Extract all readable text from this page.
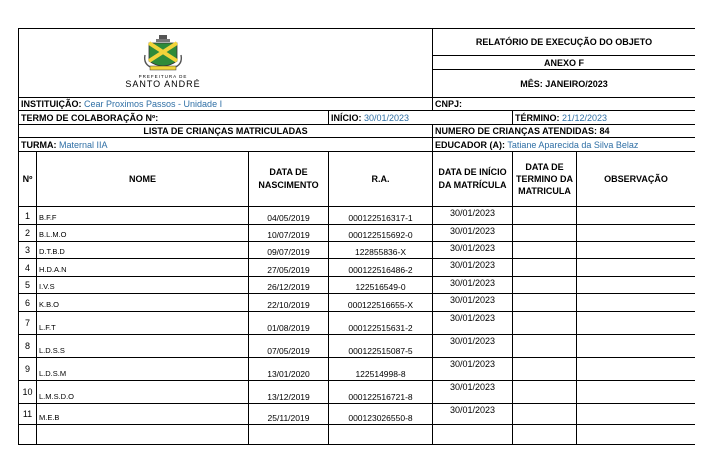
PREFEITURA DE
SANTO ANDRÉ				RELATÓRIO DE EXECUÇÃO DO OBJETO		
				ANEXO F		
				MÊS: JANEIRO/2023		
INSTITUIÇÃO: Cear Proximos Passos - Unidade I				CNPJ:		
TERMO DE COLABORAÇÃO Nº:			INÍCIO: 30/01/2023		TÉRMINO: 21/12/2023	
LISTA DE CRIANÇAS MATRICULADAS				NUMERO DE CRIANÇAS ATENDIDAS: 84		
TURMA: Maternal IIA				EDUCADOR (A): Tatiane Aparecida da Silva Belaz		
Nº	NOME	DATA DE NASCIMENTO	R.A.	DATA DE INÍCIO DA MATRÍCULA	DATA DE TERMINO DA MATRICULA	OBSERVAÇÃO
1	B.F.F	04/05/2019	000122516317-1	30/01/2023		
2	B.L.M.O	10/07/2019	000122515692-0	30/01/2023		
3	D.T.B.D	09/07/2019	122855836-X	30/01/2023		
4	H.D.A.N	27/05/2019	000122516486-2	30/01/2023		
5	I.V.S	26/12/2019	122516549-0	30/01/2023		
6	K.B.O	22/10/2019	000122516655-X	30/01/2023		
7	L.F.T	01/08/2019	000122515631-2	30/01/2023		
8	L.D.S.S	07/05/2019	000122515087-5	30/01/2023		
9	L.D.S.M	13/01/2020	122514998-8	30/01/2023		
10	L.M.S.D.O	13/12/2019	000122516721-8	30/01/2023		
11	M.E.B	25/11/2019	000123026550-8	30/01/2023		
